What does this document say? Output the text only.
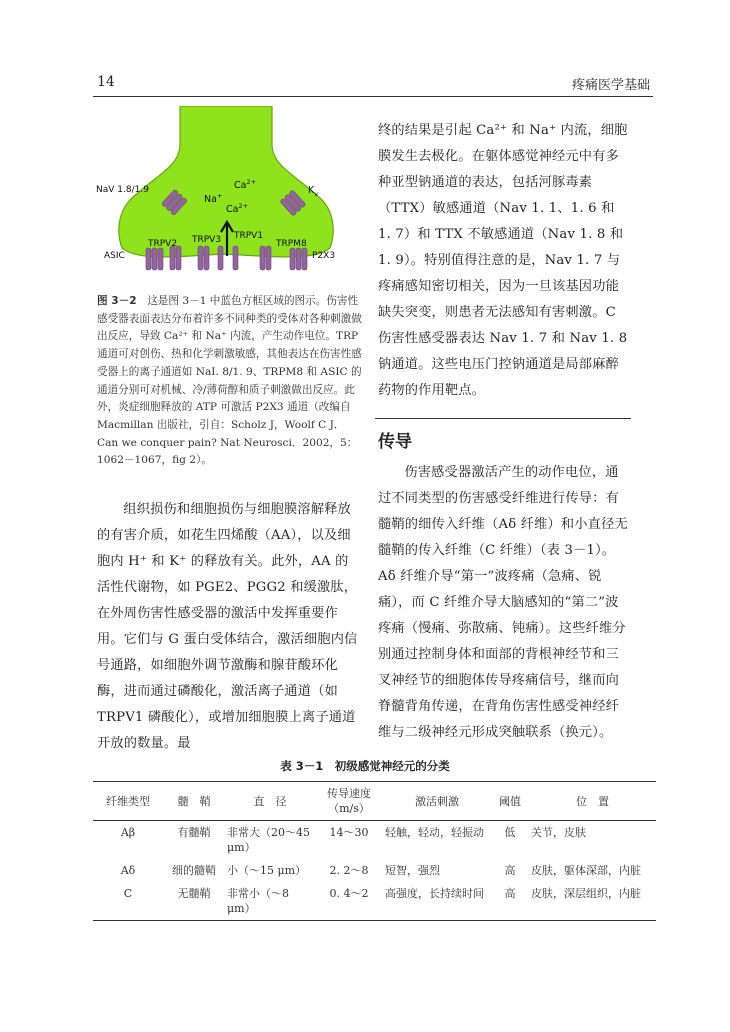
14	疼痛医学基础
NaV 1.8/1.9	$K_v$
$Ca^{2+}$
Na+
$Ca^{2+}$
ASIC
TRPV2 TRPV3 TRPV1
TRPM8
P2X3
图 3－2　 这是图 3－1 中蓝色方框区域的图示。伤害性感受器表面表达分布着许多不同种类的受体对各种刺激做出反应，导致 Ca²⁺ 和 Na⁺ 内流，产生动作电位。TRP 通道可对创伤、热和化学刺激敏感，其他表达在伤害性感受器上的离子通道如 NaI. 8/1. 9、TRPM8 和 ASIC 的通道分别可对机械、冷/薄荷醇和质子刺激做出反应。此外，炎症细胞释放的 ATP 可激活 P2X3 通道（改编自 Macmillan 出版社，引自：Scholz J，Woolf C J．Can we conquer pain? Nat Neurosci．2002，5：1062－1067，fig 2）。
组织损伤和细胞损伤与细胞膜溶解释放的有害介质，如花生四烯酸（AA），以及细胞内 H⁺ 和 K⁺ 的释放有关。此外，AA 的活性代谢物，如 PGE2、PGG2 和缓激肽，在外周伤害性感受器的激活中发挥重要作用。它们与 G 蛋白受体结合，激活细胞内信号通路，如细胞外调节激酶和腺苷酸环化酶，进而通过磷酸化，激活离子通道（如 TRPV1 磷酸化），或增加细胞膜上离子通道开放的数量。最
终的结果是引起 Ca²⁺ 和 Na⁺ 内流，细胞膜发生去极化。在躯体感觉神经元中有多种亚型钠通道的表达，包括河豚毒素（TTX）敏感通道（Nav 1. 1、1. 6 和 1. 7）和 TTX 不敏感通道（Nav 1. 8 和 1. 9）。特别值得注意的是，Nav 1. 7 与疼痛感知密切相关，因为一旦该基因功能缺失突变，则患者无法感知有害刺激。C 伤害性感受器表达 Nav 1. 7 和 Nav 1. 8 钠通道。这些电压门控钠通道是局部麻醉药物的作用靶点。
传导
伤害感受器激活产生的动作电位，通过不同类型的伤害感受纤维进行传导：有髓鞘的细传入纤维（Aδ 纤维）和小直径无髓鞘的传入纤维（C 纤维）（表 3－1）。Aδ 纤维介导“第一”波疼痛（急痛、锐痛），而 C 纤维介导大脑感知的“第二”波疼痛（慢痛、弥散痛、钝痛）。这些纤维分别通过控制身体和面部的背根神经节和三叉神经节的细胞体传导疼痛信号，继而向脊髓背角传递，在背角伤害性感受神经纤维与二级神经元形成突触联系（换元）。
表 3－1　初级感觉神经元的分类
纤维类型	髓　鞘	直　径	传导速度（m/s）	激活刺激	阈值	位　置
Aβ	有髓鞘	非常大（20～45 μm）	14～30	轻触，轻动，轻振动	低	关节，皮肤
Aδ	细的髓鞘	小（～15 μm）	2. 2～8	短智，强烈	高	皮肤，躯体深部，内脏
C	无髓鞘	非常小（～8 μm）	0. 4～2	高强度，长持续时间	高	皮肤，深层组织，内脏
